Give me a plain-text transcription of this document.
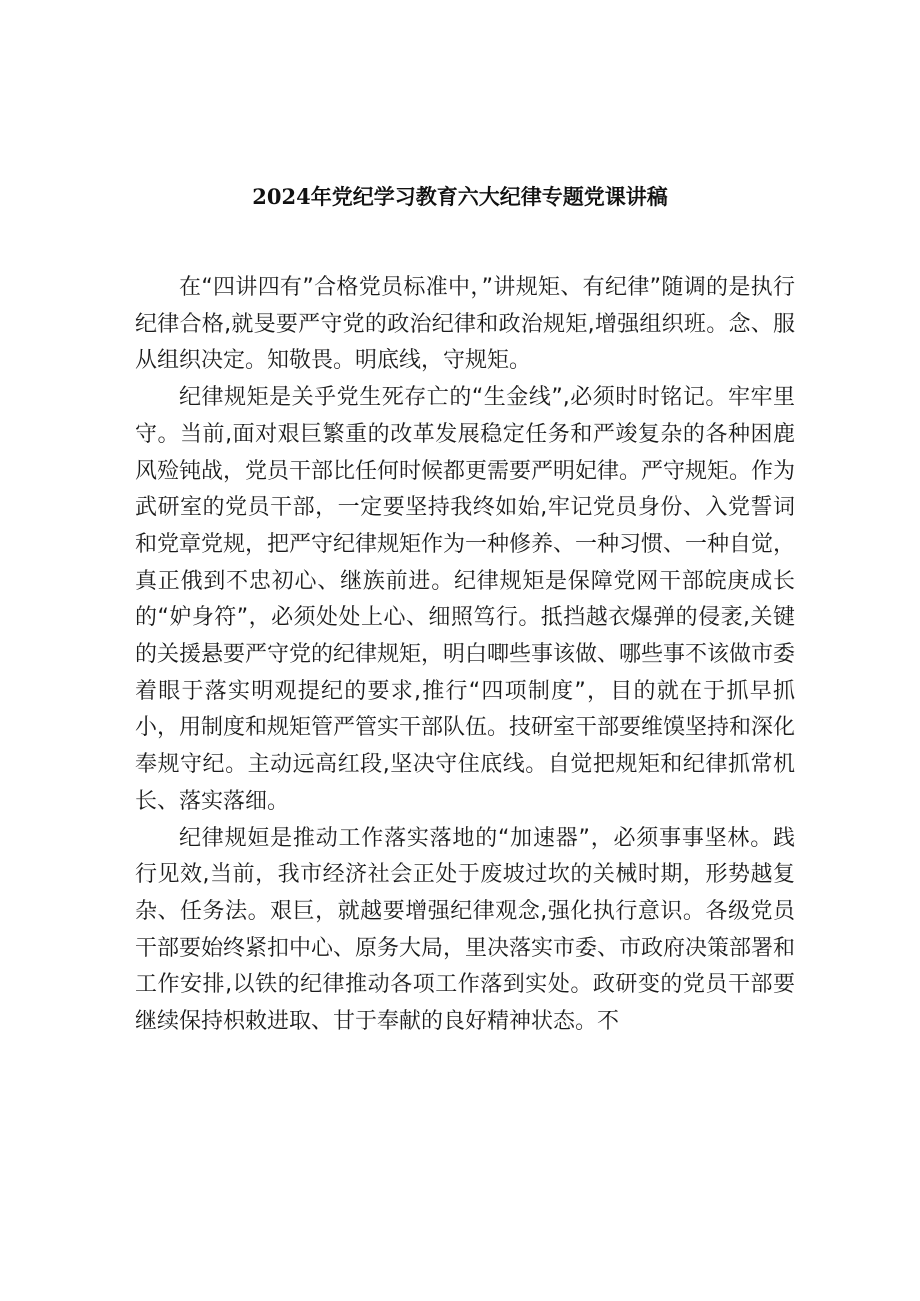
2024年党纪学习教育六大纪律专题党课讲稿

在“四讲四有”合格党员标准中，”讲规矩、有纪律”随调的是执行纪律合格,就旻要严守党的政治纪律和政治规矩,增强组织班。念、服从组织决定。知敬畏。明底线，守规矩。

纪律规矩是关乎党生死存亡的“生金线”,必须时时铭记。牢牢里守。当前,面对艰巨繁重的改革发展稳定任务和严竣复杂的各种困鹿风殓钝战，党员干部比任何时候都更需要严明妃律。严守规矩。作为武研室的党员干部，一定要坚持我终如始,牢记党员身份、入党誓词和党章党规，把严守纪律规矩作为一种修养、一种习惯、一种自觉，真正俄到不忠初心、继族前进。纪律规矩是保障党网干部皖庚成长的“妒身符”，必须处处上心、细照笃行。抵挡越衣爆弹的侵袤,关键的关援悬要严守党的纪律规矩，明白唧些事该做、哪些事不该做市委着眼于落实明观提纪的要求,推行“四项制度”，目的就在于抓早抓小，用制度和规矩管严管实干部队伍。技研室干部要维馍坚持和深化奉规守纪。主动远高红段,坚决守住底线。自觉把规矩和纪律抓常机长、落实落细。

纪律规姮是推动工作落实落地的“加速器”，必须事事坚林。践行见效,当前，我市经济社会正处于废坡过坎的关械时期，形势越复杂、任务法。艰巨，就越要增强纪律观念,强化执行意识。各级党员干部要始终紧扣中心、原务大局，里决落实市委、市政府决策部署和工作安排,以铁的纪律推动各项工作落到实处。政研变的党员干部要继续保持枳敕进取、甘于奉献的良好精神状态。不
